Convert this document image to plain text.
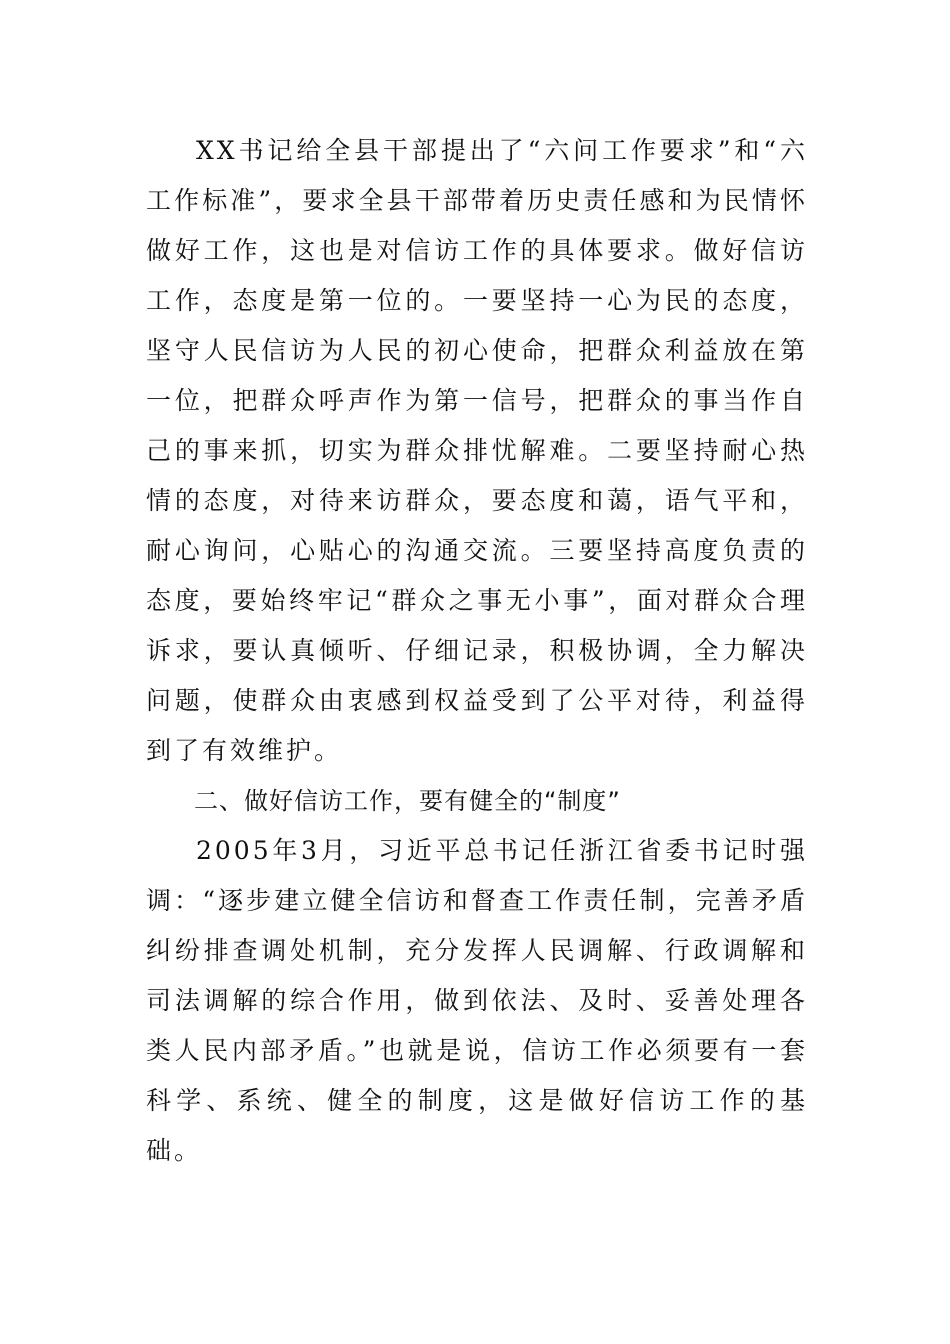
XX书记给全县干部提出了“六问工作要求”和“六工作标准”，要求全县干部带着历史责任感和为民情怀做好工作，这也是对信访工作的具体要求。做好信访工作，态度是第一位的。一要坚持一心为民的态度，坚守人民信访为人民的初心使命，把群众利益放在第一位，把群众呼声作为第一信号，把群众的事当作自己的事来抓，切实为群众排忧解难。二要坚持耐心热情的态度，对待来访群众，要态度和蔼，语气平和，耐心询问，心贴心的沟通交流。三要坚持高度负责的态度，要始终牢记“群众之事无小事”，面对群众合理诉求，要认真倾听、仔细记录，积极协调，全力解决问题，使群众由衷感到权益受到了公平对待，利益得到了有效维护。

二、做好信访工作，要有健全的“制度”

2005年3月，习近平总书记任浙江省委书记时强调：“逐步建立健全信访和督查工作责任制，完善矛盾纠纷排查调处机制，充分发挥人民调解、行政调解和司法调解的综合作用，做到依法、及时、妥善处理各类人民内部矛盾。”也就是说，信访工作必须要有一套科学、系统、健全的制度，这是做好信访工作的基础。
